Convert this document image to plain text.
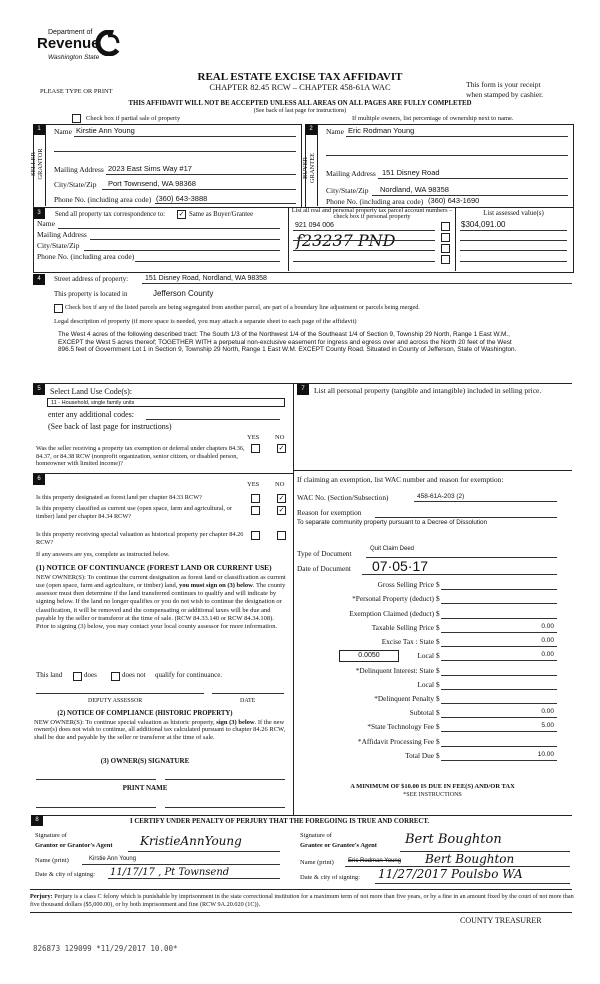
Department of
Revenue
Washington State
REAL ESTATE EXCISE TAX AFFIDAVIT
PLEASE TYPE OR PRINT	CHAPTER 82.45 RCW – CHAPTER 458-61A WAC	This form is your receipt
when stamped by cashier.
THIS AFFIDAVIT WILL NOT BE ACCEPTED UNLESS ALL AREAS ON ALL PAGES ARE FULLY COMPLETED
(See back of last page for instructions)
Check box if partial sale of property	If multiple owners, list percentage of ownership next to name.
1
SELLER GRANTOR
Name Kirstie Ann Young
Mailing Address 2023 East Sims Way #17
City/State/Zip Port Townsend, WA 98368
Phone No. (including area code) (360) 643-3888
2
BUYER GRANTEE
Name Eric Rodman Young
Mailing Address 151 Disney Road
City/State/Zip Nordland, WA 98358
Phone No. (including area code) (360) 643-1690
3	Send all property tax correspondence to: ✓ Same as Buyer/Grantee
Name
Mailing Address
City/State/Zip
Phone No. (including area code)
List all real and personal property tax parcel account numbers – check box if personal property	List assessed value(s)
921 094 006
f23237 PND
$304,091.00
4	Street address of property: 151 Disney Road, Nordland, WA 98358
This property is located in	Jefferson County
Check box if any of the listed parcels are being segregated from another parcel, are part of a boundary line adjustment or parcels being merged.
Legal description of property (if more space is needed, you may attach a separate sheet to each page of the affidavit)
The West 4 acres of the following described tract: The South 1/3 of the Northwest 1/4 of the Southeast 1/4 of Section 9, Township 29 North, Range 1 East W.M., EXCEPT the West 5 acres thereof; TOGETHER WITH a perpetual non-exclusive easement for ingress and egress over and across the North 20 feet of the West 896.5 feet of Government Lot 1 in Section 9, Township 29 North, Range 1 East W.M. EXCEPT County Road. Situated in County of Jefferson, State of Washington.
5	Select Land Use Code(s):
11 - Household, single family units
enter any additional codes:
(See back of last page for instructions)
YES NO
Was the seller receiving a property tax exemption or deferral under chapters 84.36, 84.37, or 84.38 RCW (nonprofit organization, senior citizen, or disabled person, homeowner with limited income)?
✓
6
YES NO
Is this property designated as forest land per chapter 84.33 RCW?	✓
Is this property classified as current use (open space, farm and agricultural, or timber) land per chapter 84.34 RCW?
✓
Is this property receiving special valuation as historical property per chapter 84.26 RCW?
If any answers are yes, complete as instructed below.
(1) NOTICE OF CONTINUANCE (FOREST LAND OR CURRENT USE)
NEW OWNER(S): To continue the current designation as forest land or classification as current use (open space, farm and agriculture, or timber) land, you must sign on (3) below. The county assessor must then determine if the land transferred continues to qualify and will indicate by signing below. If the land no longer qualifies or you do not wish to continue the designation or classification, it will be removed and the compensating or additional taxes will be due and payable by the seller or transferor at the time of sale. (RCW 84.33.140 or RCW 84.34.108). Prior to signing (3) below, you may contact your local county assessor for more information.
This land	does	does not qualify for continuance.
DEPUTY ASSESSOR	DATE
(2) NOTICE OF COMPLIANCE (HISTORIC PROPERTY)
NEW OWNER(S): To continue special valuation as historic property, sign (3) below. If the new owner(s) does not wish to continue, all additional tax calculated pursuant to chapter 84.26 RCW, shall be due and payable by the seller or transferor at the time of sale.
(3) OWNER(S) SIGNATURE
PRINT NAME
7	List all personal property (tangible and intangible) included in selling price.
If claiming an exemption, list WAC number and reason for exemption:
WAC No. (Section/Subsection)	458-61A-203 (2)
Reason for exemption
To separate community property pursuant to a Decree of Dissolution
Type of Document	Quit Claim Deed
Date of Document 07·05·17
0.0050
Gross Selling Price $
*Personal Property (deduct) $
Exemption Claimed (deduct) $
Taxable Selling Price $	0.00
Excise Tax : State $	0.00
Local $	0.00
*Delinquent Interest: State $
Local $
*Delinquent Penalty $
Subtotal $	0.00
*State Technology Fee $	5.00
*Affidavit Processing Fee $
Total Due $	10.00
A MINIMUM OF $10.00 IS DUE IN FEE(S) AND/OR TAX
*SEE INSTRUCTIONS
8	I CERTIFY UNDER PENALTY OF PERJURY THAT THE FOREGOING IS TRUE AND CORRECT.
Signature of
Grantor or Grantor's Agent KristieAnnYoung
Name (print)	Kirstie Ann Young
Date & city of signing: 11/17/17 , Pt Townsend
Signature of
Grantee or Grantee's Agent Bert Boughton
Name (print) Eric Rodman Young Bert Boughton
Date & city of signing: 11/27/2017 Poulsbo WA
Perjury: Perjury is a class C felony which is punishable by imprisonment in the state correctional institution for a maximum term of not more than five years, or by a fine in an amount fixed by the court of not more than five thousand dollars ($5,000.00), or by both imprisonment and fine (RCW 9A.20.020 (1C)).
COUNTY TREASURER
826873 129099 *11/29/2017 10.00*
